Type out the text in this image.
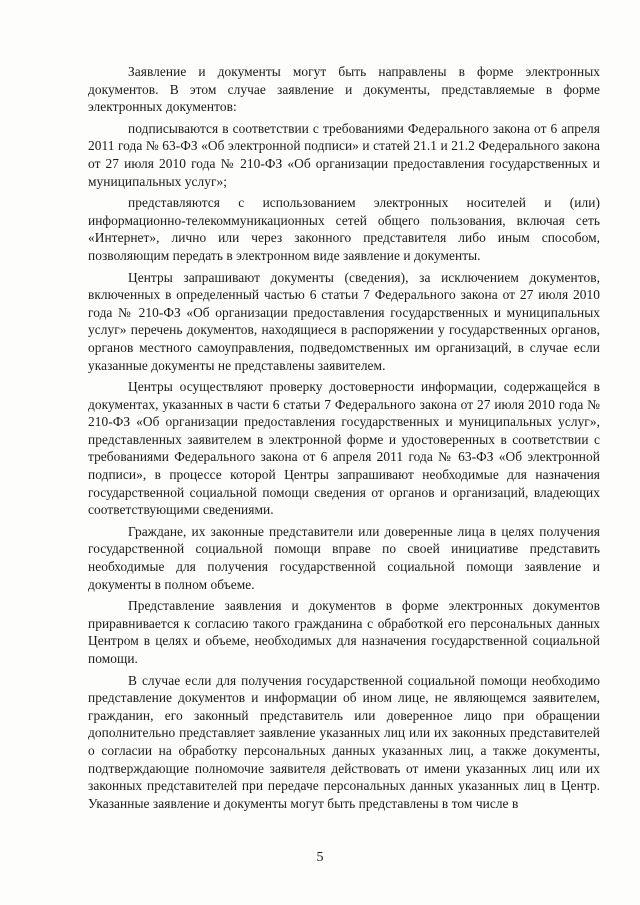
Заявление и документы могут быть направлены в форме электронных документов. В этом случае заявление и документы, представляемые в форме электронных документов:

подписываются в соответствии с требованиями Федерального закона от 6 апреля 2011 года № 63-ФЗ «Об электронной подписи» и статей 21.1 и 21.2 Федерального закона от 27 июля 2010 года № 210-ФЗ «Об организации предоставления государственных и муниципальных услуг»;

представляются с использованием электронных носителей и (или) информационно-телекоммуникационных сетей общего пользования, включая сеть «Интернет», лично или через законного представителя либо иным способом, позволяющим передать в электронном виде заявление и документы.

Центры запрашивают документы (сведения), за исключением документов, включенных в определенный частью 6 статьи 7 Федерального закона от 27 июля 2010 года № 210-ФЗ «Об организации предоставления государственных и муниципальных услуг» перечень документов, находящиеся в распоряжении у государственных органов, органов местного самоуправления, подведомственных им организаций, в случае если указанные документы не представлены заявителем.

Центры осуществляют проверку достоверности информации, содержащейся в документах, указанных в части 6 статьи 7 Федерального закона от 27 июля 2010 года № 210-ФЗ «Об организации предоставления государственных и муниципальных услуг», представленных заявителем в электронной форме и удостоверенных в соответствии с требованиями Федерального закона от 6 апреля 2011 года № 63-ФЗ «Об электронной подписи», в процессе которой Центры запрашивают необходимые для назначения государственной социальной помощи сведения от органов и организаций, владеющих соответствующими сведениями.

Граждане, их законные представители или доверенные лица в целях получения государственной социальной помощи вправе по своей инициативе представить необходимые для получения государственной социальной помощи заявление и документы в полном объеме.

Представление заявления и документов в форме электронных документов приравнивается к согласию такого гражданина с обработкой его персональных данных Центром в целях и объеме, необходимых для назначения государственной социальной помощи.

В случае если для получения государственной социальной помощи необходимо представление документов и информации об ином лице, не являющемся заявителем, гражданин, его законный представитель или доверенное лицо при обращении дополнительно представляет заявление указанных лиц или их законных представителей о согласии на обработку персональных данных указанных лиц, а также документы, подтверждающие полномочие заявителя действовать от имени указанных лиц или их законных представителей при передаче персональных данных указанных лиц в Центр. Указанные заявление и документы могут быть представлены в том числе в

5
